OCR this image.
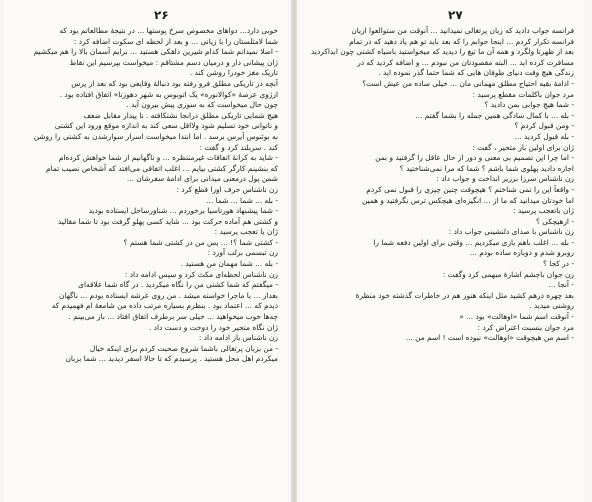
۲۶

خوبی دارد... دواهای مخصوص سرخ پوستها ... در نتیجهٔ مطالعاتم بود که

شما لامثلستان را با زیانی ... و بعد از لحظه ای سکوت اضافه کرد :

- اصلا نمیدانم شما کدام شیرین دلقکی هستید ... برایم آسمان بالا را هم میکشیم

ژان پیشانی دار و درمیان دسم مشتاقم : میخواست بپرسیم این نقاط

تاریک مغز خودرا روشن کند .

آنچه در تاریکی مطلق فرو رفته بود دنبالهٔ وقایعی بود که بعد از پرس

ازژوی عرصهٔ «کوالانوره» یک اتوبوس به شهر دهوزنا» اتفاق افتاده بود .

چون حال میخواست که به سوزی پیش بیرون آید .

هیچ شمایی تاریکی مطلق درانجا نشتکافته . نا پیدار مقابل ضعف

و ناتوانی خود تسلیم شود ولااقل سعی کند به اندازه موقع ورود این کشتی

به بوئنوس آیرس برسد . اما ابتدا میخواست اسرار سوارشدن به کشتی را روشن

کند . سربلند کرد و گفت :

- شاید به کرانهٔ اتفاقات غیرمنتظره ... و ناگهانیم از شما خواهش کرده‌ام

که بنشینم کارگر کشتی بیایم ... اغلب اتفاقی می‌افتد که آشخاص نصیب تمام

شمن پول درمعنی میدانی برای ادامهٔ سفرشان ...

زن ناشناس حرف اورا قطع کرد :

- بله ... شما ... شما ...

- شما پیشنهاد هورتاسیا برخوردم ... شناورساحل ایستاده بودید

و کشتی هم آماده حرکت بود ... شاید کسی پهلو گرفت بود تا شما مقالید

ژان با تعجب پرسید :

- کشتی شما ؟! ... پس من در کشتی شما هستم ؟

زن تبسمی برلب آورد :

- بله ... شما مهمان من هستید .

زن ناشناس لحظه‌ای مکث کرد و سپس ادامه داد :

- میگفتم که شما کشتی من را نگاه میکردید . در گاه شما علاقه‌ای

بعداز ... با ماجرا خواسته میشد . من روی عرشه ایستاده بودم ... ناگهان

دیدم که ... اعتماد بود . بنظرم بسیاره مرتب داده من شامعهٔ ام فهمیدم که

چه‌ها خوب میخواهید ... خیلی سر برطرف اتفاق افتاد ... باز می‌بینم .

ژان نگاه متحیر خود را دوخت و دست داد .

زن ناشناس باز ادامه داد :

- من بزبان پرتغالی باشما شروع صحبت کردم برای اینکه خیال

میکردم اهل محل هستید . پرسیدم که تا حالا اسفر دیدید ... شما بزبان

۲۷

فرانسه جواب دادید که زبان پرتغالی نمیدانید ... آنوقت من ستوالعوا ازیان

فرانسه تکرار کردم ... اینجا جوابم را که بعد باید تو هم یاد دهید که در تمام

بعد از ظهرتا ولگرد و همه آن ما تیغ را دیدید که میخواستید باسیاه کشتی چون ابداکردید

مسافرت کرده اید ... البته مقصودتان من نبودم ... و اضافه کردید که در

زندگی هیچ وقت دنیای طوفان هایی که شما حتما گذر نموده اید .

- ادامهٔ بقیه احتیاج مطلق مهمانی مان ... خیلی ساده من عیش است؟

مرد جوان باکلمات مقطع پرسید :

- شما هیچ جوابی بمن دادید ؟

- بله ... با کمال سادگی همین جمله را بشما گفتم ...

- ومن قبول کردم ؟

- بله قبول کردید ...

ژان برای اولین بار متحیر ، گفت :

- اما چرا این تصمیم بی معنی و دور از حال عاقل را گرفتید و بمن

اجازه دادید پهلوی شما باشم ؟ شما که مرا نمی‌شناختید ؟

زن ناشناس سرزا برزیر انداخت و جواب داد :

- واقعاً این را نمی شناختم ؟ هیچوقت چنین چیزی را قبول نمی کردم

اما خودتان میدانید که ما از ... انگیزه‌ای هیچکس ترس نگرفتید و همین

ژان باتعجب پرسید :

- ازهیچکی ؟

زن ناشناس با صدای دلنشینی جواب داد :

- بله ... اغلب باهم بازی میکردیم ... وقتی برای اولین دفعه شما را

روبرو شدم و دوباره ساده بودم ...

- در کجا ؟

زن جوان باچشم اشارهٔ مبهمی کرد وگفت :

- آنجا ...

بعد چهره درهم کشید مثل اینکه هنوز هم در خاطرات گذشته خود منظرهٔ

روشنی میدید .

- آنوقت اسم شما «اوهالت» بود ... «

مرد جوان بنسبت اعتراض کرد :

- اسم من هیچوقت «اوهالت» نبوده است ! اسم من ...
